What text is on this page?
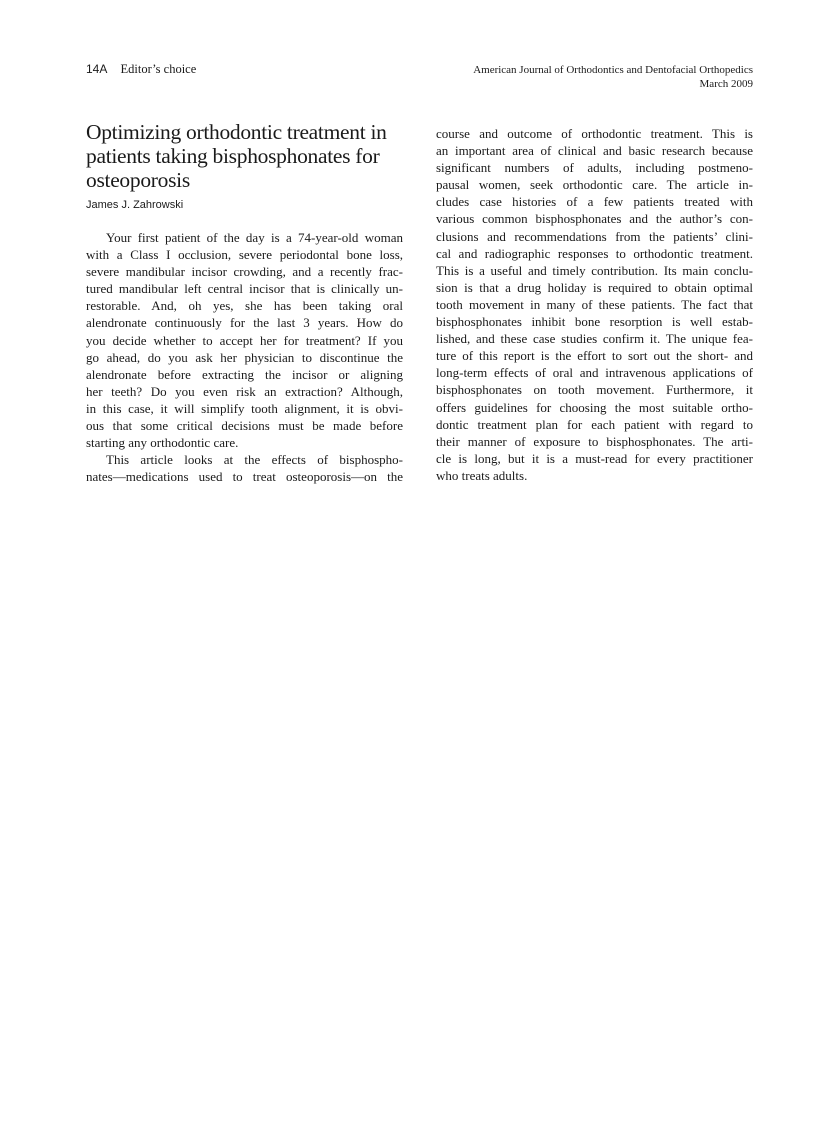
14A Editor’s choice	American Journal of Orthodontics and Dentofacial Orthopedics
March 2009
Optimizing orthodontic treatment in
patients taking bisphosphonates for
osteoporosis
James J. Zahrowski
Your first patient of the day is a 74-year-old woman
with a Class I occlusion, severe periodontal bone loss,
severe mandibular incisor crowding, and a recently frac-
tured mandibular left central incisor that is clinically un-
restorable. And, oh yes, she has been taking oral
alendronate continuously for the last 3 years. How do
you decide whether to accept her for treatment? If you
go ahead, do you ask her physician to discontinue the
alendronate before extracting the incisor or aligning
her teeth? Do you even risk an extraction? Although,
in this case, it will simplify tooth alignment, it is obvi-
ous that some critical decisions must be made before
starting any orthodontic care.
This article looks at the effects of bisphospho-
nates—medications used to treat osteoporosis—on the
course and outcome of orthodontic treatment. This is
an important area of clinical and basic research because
significant numbers of adults, including postmeno-
pausal women, seek orthodontic care. The article in-
cludes case histories of a few patients treated with
various common bisphosphonates and the author’s con-
clusions and recommendations from the patients’ clini-
cal and radiographic responses to orthodontic treatment.
This is a useful and timely contribution. Its main conclu-
sion is that a drug holiday is required to obtain optimal
tooth movement in many of these patients. The fact that
bisphosphonates inhibit bone resorption is well estab-
lished, and these case studies confirm it. The unique fea-
ture of this report is the effort to sort out the short- and
long-term effects of oral and intravenous applications of
bisphosphonates on tooth movement. Furthermore, it
offers guidelines for choosing the most suitable ortho-
dontic treatment plan for each patient with regard to
their manner of exposure to bisphosphonates. The arti-
cle is long, but it is a must-read for every practitioner
who treats adults.
